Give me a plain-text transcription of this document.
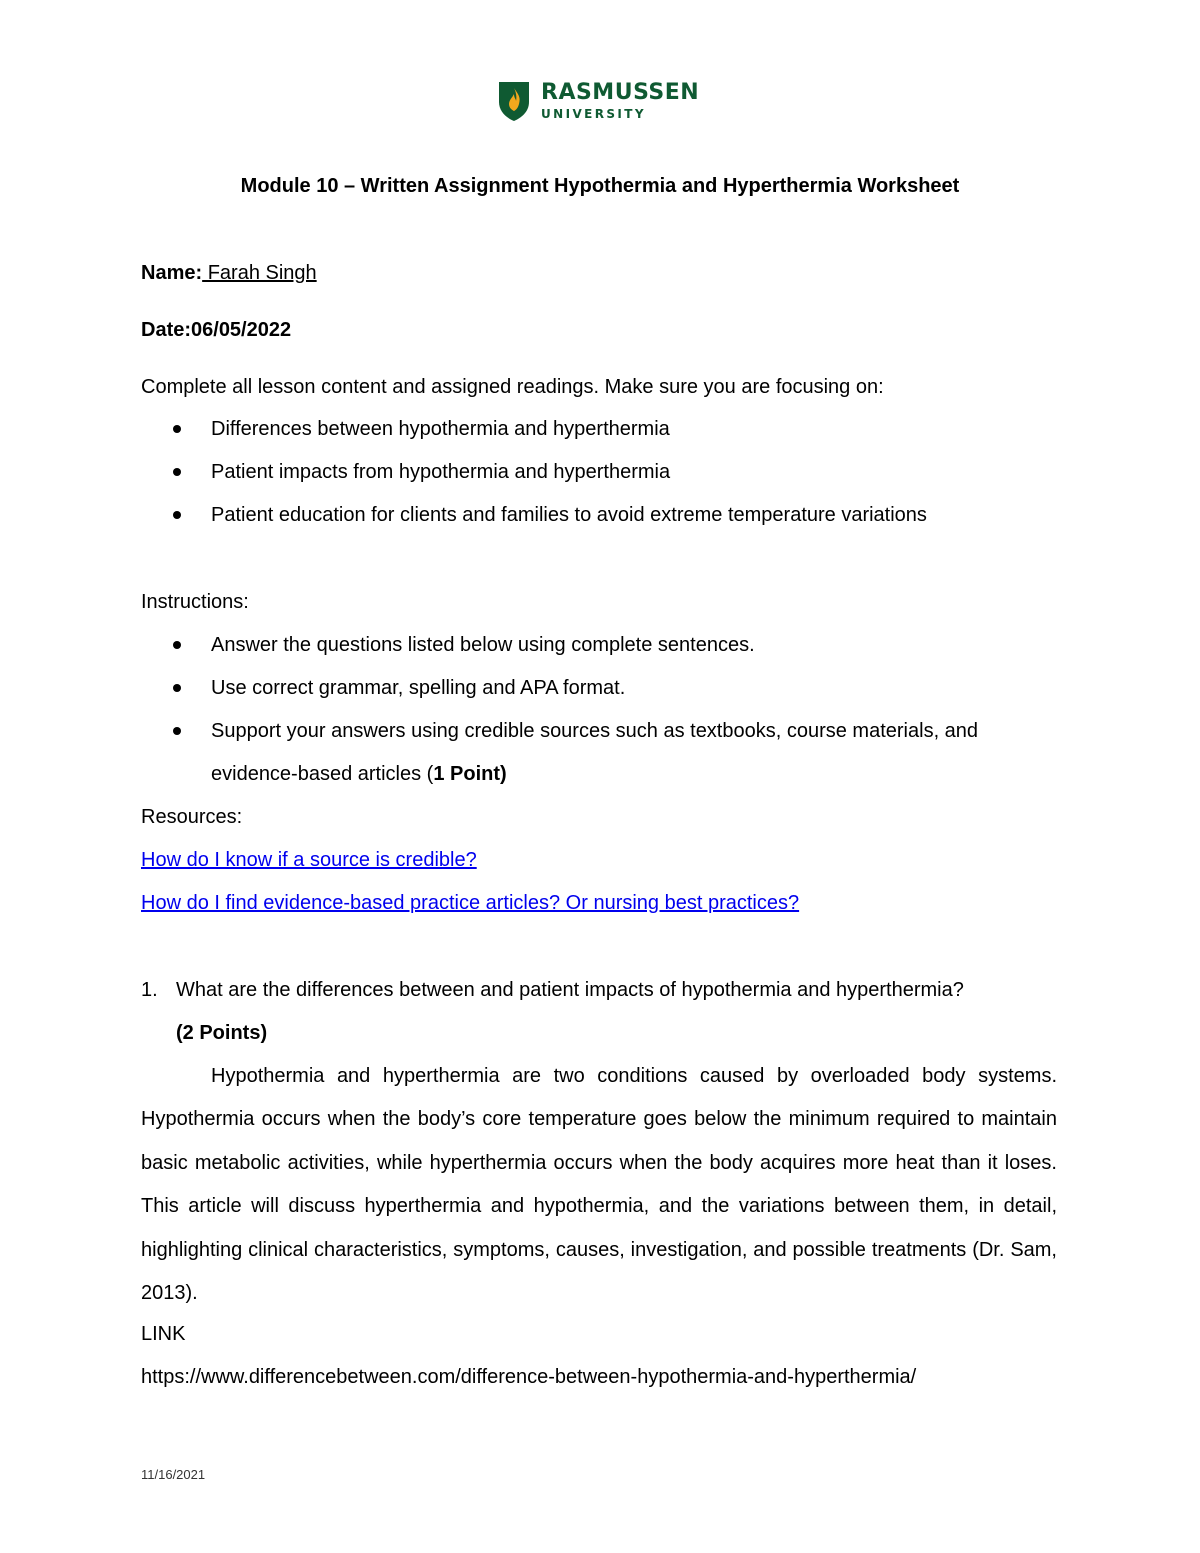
RASMUSSEN
UNIVERSITY
Module 10 – Written Assignment Hypothermia and Hyperthermia Worksheet
Name: Farah Singh
Date:06/05/2022
Complete all lesson content and assigned readings. Make sure you are focusing on:
Differences between hypothermia and hyperthermia
Patient impacts from hypothermia and hyperthermia
Patient education for clients and families to avoid extreme temperature variations
Instructions:
Answer the questions listed below using complete sentences.
Use correct grammar, spelling and APA format.
Support your answers using credible sources such as textbooks, course materials, and
evidence-based articles (1 Point)
Resources:
How do I know if a source is credible?
How do I find evidence-based practice articles? Or nursing best practices?
1. What are the differences between and patient impacts of hypothermia and hyperthermia?
(2 Points)
Hypothermia and hyperthermia are two conditions caused by overloaded body systems. Hypothermia occurs when the body’s core temperature goes below the minimum required to maintain basic metabolic activities, while hyperthermia occurs when the body acquires more heat than it loses. This article will discuss hyperthermia and hypothermia, and the variations between them, in detail, highlighting clinical characteristics, symptoms, causes, investigation, and possible treatments (Dr. Sam, 2013).
LINK
https://www.differencebetween.com/difference-between-hypothermia-and-hyperthermia/
11/16/2021
